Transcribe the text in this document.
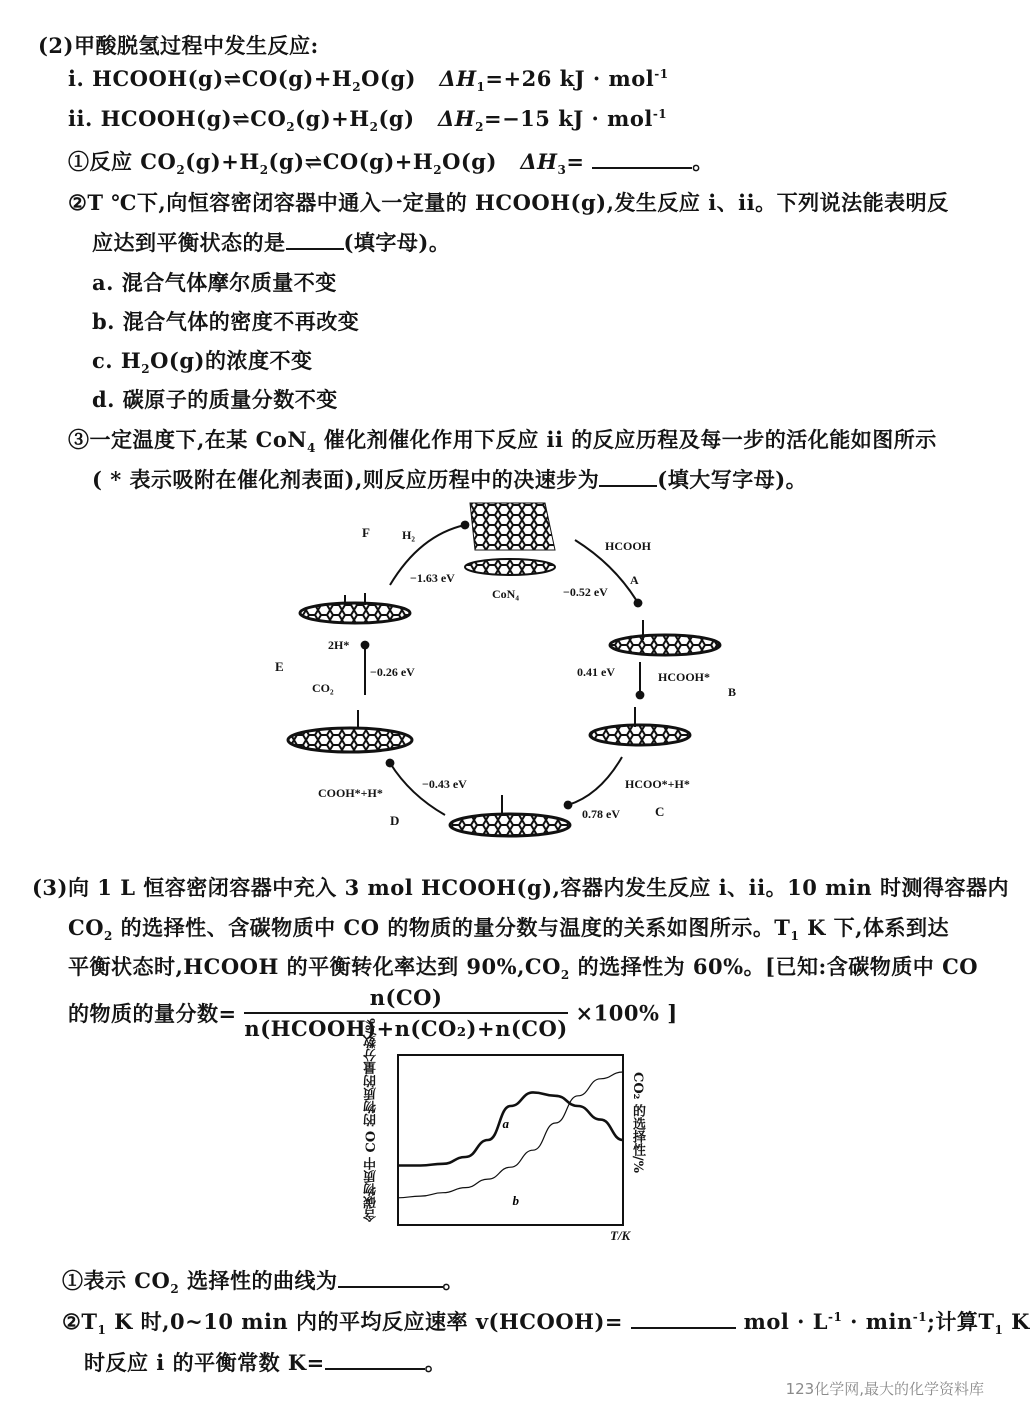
(2)甲酸脱氢过程中发生反应:
i. $HCOOH(g)\rightleftharpoons CO(g)+H_2O(g)$ $\Delta H_1=+26$ kJ · mol$^{-1}$
ii. $HCOOH(g)\rightleftharpoons CO_2(g)+H_2(g)$ $\Delta H_2=-15$ kJ · mol$^{-1}$
①反应 $CO_2(g)+H_2(g)\rightleftharpoons CO(g)+H_2O(g)$ $\Delta H_3=$	。
②T ℃下,向恒容密闭容器中通入一定量的 HCOOH(g),发生反应 i、ii。下列说法能表明反
应达到平衡状态的是	(填字母)。
a. 混合气体摩尔质量不变
b. 混合气体的密度不再改变
c. $H_2O(g)$的浓度不变
d. 碳原子的质量分数不变
③一定温度下,在某 CoN$_4$ 催化剂催化作用下反应 ii 的反应历程及每一步的活化能如图所示
( * 表示吸附在催化剂表面),则反应历程中的决速步为	(填大写字母)。
F	H₂
−1.63 eV
CoN₄
HCOOH
A
−0.52 eV
0.41 eV	HCOOH*
B
HCOO*+H*
0.78 eV	C
−0.43 eV
COOH*+H*
D
2H*
E	−0.26 eV
CO₂
(3)向 1 L 恒容密闭容器中充入 3 mol HCOOH(g),容器内发生反应 i、ii。10 min 时测得容器内
$CO_2$ 的选择性、含碳物质中 CO 的物质的量分数与温度的关系如图所示。$T_1$ K 下,体系到达
平衡状态时,HCOOH 的平衡转化率达到 $90\%,CO_2$ 的选择性为 60%。[已知:含碳物质中 CO
的物质的量分数= $\frac{n(CO)}{\text{n(HCOOH)+n(CO₂)+n(CO)}} \times 100\%$ ]
含碳物质中 CO 的物质的量分数/%	CO₂ 的选择性/%
a
b
T/K
①表示 $CO_2$ 选择性的曲线为	。
$②T_1$ K 时,0~10 min 内的平均反应速率 v(HCOOH)=	mol · $L^{-1} \cdot \min^{-1}$;计算$T_1$ K
时反应 i 的平衡常数 K=	。
123化学网,最大的化学资料库
